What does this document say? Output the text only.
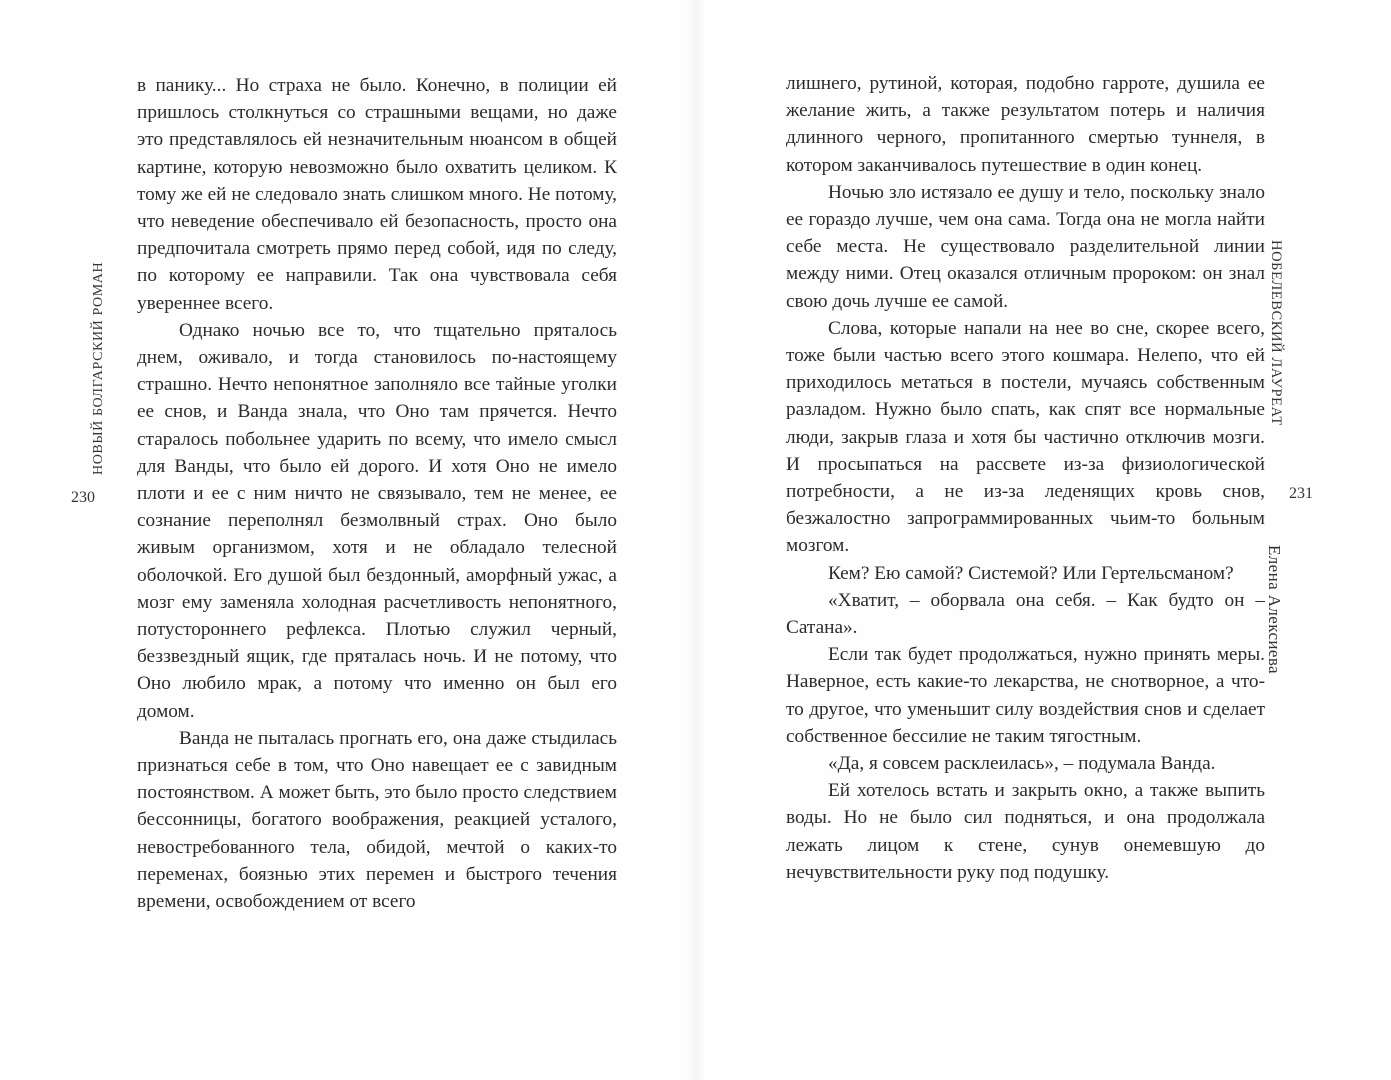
НОВЫЙ БОЛГАРСКИЙ РОМАН
230

в панику... Но страха не было. Конечно, в полиции ей пришлось столкнуться со страшными вещами, но даже это представлялось ей незначительным нюансом в общей картине, которую невозможно было охватить целиком. К тому же ей не следовало знать слишком много. Не потому, что неведение обеспечивало ей безопасность, просто она предпочитала смотреть прямо перед собой, идя по следу, по которому ее направили. Так она чувствовала себя увереннее всего.

Однако ночью все то, что тщательно пряталось днем, оживало, и тогда становилось по-настоящему страшно. Нечто непонятное заполняло все тайные уголки ее снов, и Ванда знала, что Оно там прячется. Нечто старалось побольнее ударить по всему, что имело смысл для Ванды, что было ей дорого. И хотя Оно не имело плоти и ее с ним ничто не связывало, тем не менее, ее сознание переполнял безмолвный страх. Оно было живым организмом, хотя и не обладало телесной оболочкой. Его душой был бездонный, аморфный ужас, а мозг ему заменяла холодная расчетливость непонятного, потустороннего рефлекса. Плотью служил черный, беззвездный ящик, где пряталась ночь. И не потому, что Оно любило мрак, а потому что именно он был его домом.

Ванда не пыталась прогнать его, она даже стыдилась признаться себе в том, что Оно навещает ее с завидным постоянством. А может быть, это было просто следствием бессонницы, богатого воображения, реакцией усталого, невостребованного тела, обидой, мечтой о каких-то переменах, боязнью этих перемен и быстрого течения времени, освобождением от всего

лишнего, рутиной, которая, подобно гарроте, душила ее желание жить, а также результатом потерь и наличия длинного черного, пропитанного смертью туннеля, в котором заканчивалось путешествие в один конец.

Ночью зло истязало ее душу и тело, поскольку знало ее гораздо лучше, чем она сама. Тогда она не могла найти себе места. Не существовало разделительной линии между ними. Отец оказался отличным пророком: он знал свою дочь лучше ее самой.

Слова, которые напали на нее во сне, скорее всего, тоже были частью всего этого кошмара. Нелепо, что ей приходилось метаться в постели, мучаясь собственным разладом. Нужно было спать, как спят все нормальные люди, закрыв глаза и хотя бы частично отключив мозги. И просыпаться на рассвете из-за физиологической потребности, а не из-за леденящих кровь снов, безжалостно запрограммированных чьим-то больным мозгом.

Кем? Ею самой? Системой? Или Гертельсманом?

«Хватит, – оборвала она себя. – Как будто он – Сатана».

Если так будет продолжаться, нужно принять меры. Наверное, есть какие-то лекарства, не снотворное, а что-то другое, что уменьшит силу воздействия снов и сделает собственное бессилие не таким тягостным.

«Да, я совсем расклеилась», – подумала Ванда.

Ей хотелось встать и закрыть окно, а также выпить воды. Но не было сил подняться, и она продолжала лежать лицом к стене, сунув онемевшую до нечувствительности руку под подушку.

НОБЕЛЕВСКИЙ ЛАУРЕАТ
Елена Алексиева
231
